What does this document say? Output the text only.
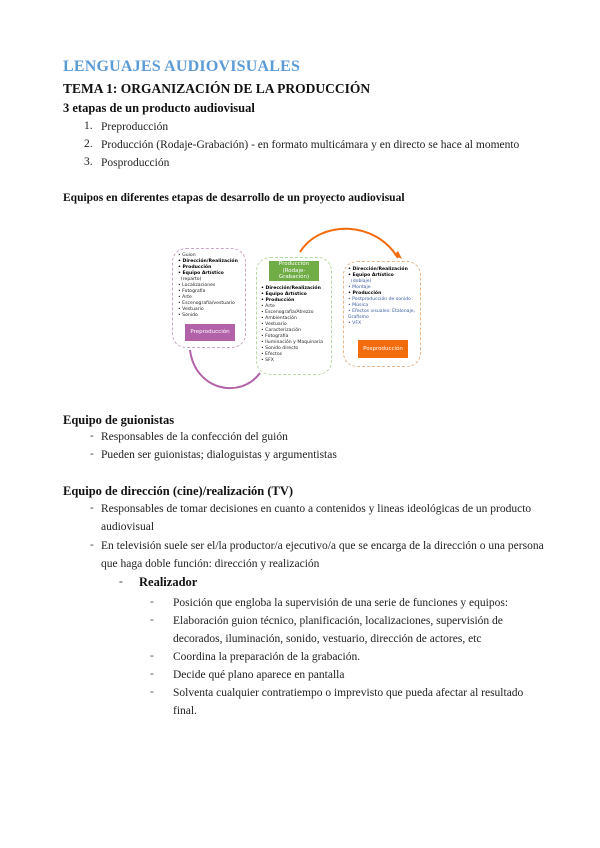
LENGUAJES AUDIOVISUALES
TEMA 1: ORGANIZACIÓN DE LA PRODUCCIÓN
3 etapas de un producto audiovisual
1. Preproducción
2. Producción (Rodaje-Grabación) - en formato multicámara y en directo se hace al momento
3. Posproducción
Equipos en diferentes etapas de desarrollo de un proyecto audiovisual
• Guion
• Dirección/Realización
• Producción
• Equipo Artístico
(reparto)
• Localizaciones
• Fotografía
• Arte
• Escenografía/vestuario
• Vestuario
• Sonido
Preproducción
Producción (Rodaje-Grabación)
• Dirección/Realización
• Equipo Artístico
• Producción
• Arte
• Escenografía/Atrezzo
• Ambientación
• Vestuario
• Caracterización
• Fotografía
• Iluminación y Maquinaria
• Sonido directo
• Efectos
• SFX
• Dirección/Realización
• Equipo Artístico
(doblaje)
• Montaje
• Producción
• Postproducción de sonido
• Música
• Efectos visuales: Etalonaje, Grafismo
• VFX
Posproducción
Equipo de guionistas
- Responsables de la confección del guión
- Pueden ser guionistas; dialoguistas y argumentistas
Equipo de dirección (cine)/realización (TV)
- Responsables de tomar decisiones en cuanto a contenidos y lineas ideológicas de un producto
audiovisual
- En televisión suele ser el/la productor/a ejecutivo/a que se encarga de la dirección o una persona
que haga doble función: dirección y realización
- Realizador
- Posición que engloba la supervisión de una serie de funciones y equipos:
- Elaboración guion técnico, planificación, localizaciones, supervisión de
decorados, iluminación, sonido, vestuario, dirección de actores, etc
- Coordina la preparación de la grabación.
- Decide qué plano aparece en pantalla
- Solventa cualquier contratiempo o imprevisto que pueda afectar al resultado
final.
